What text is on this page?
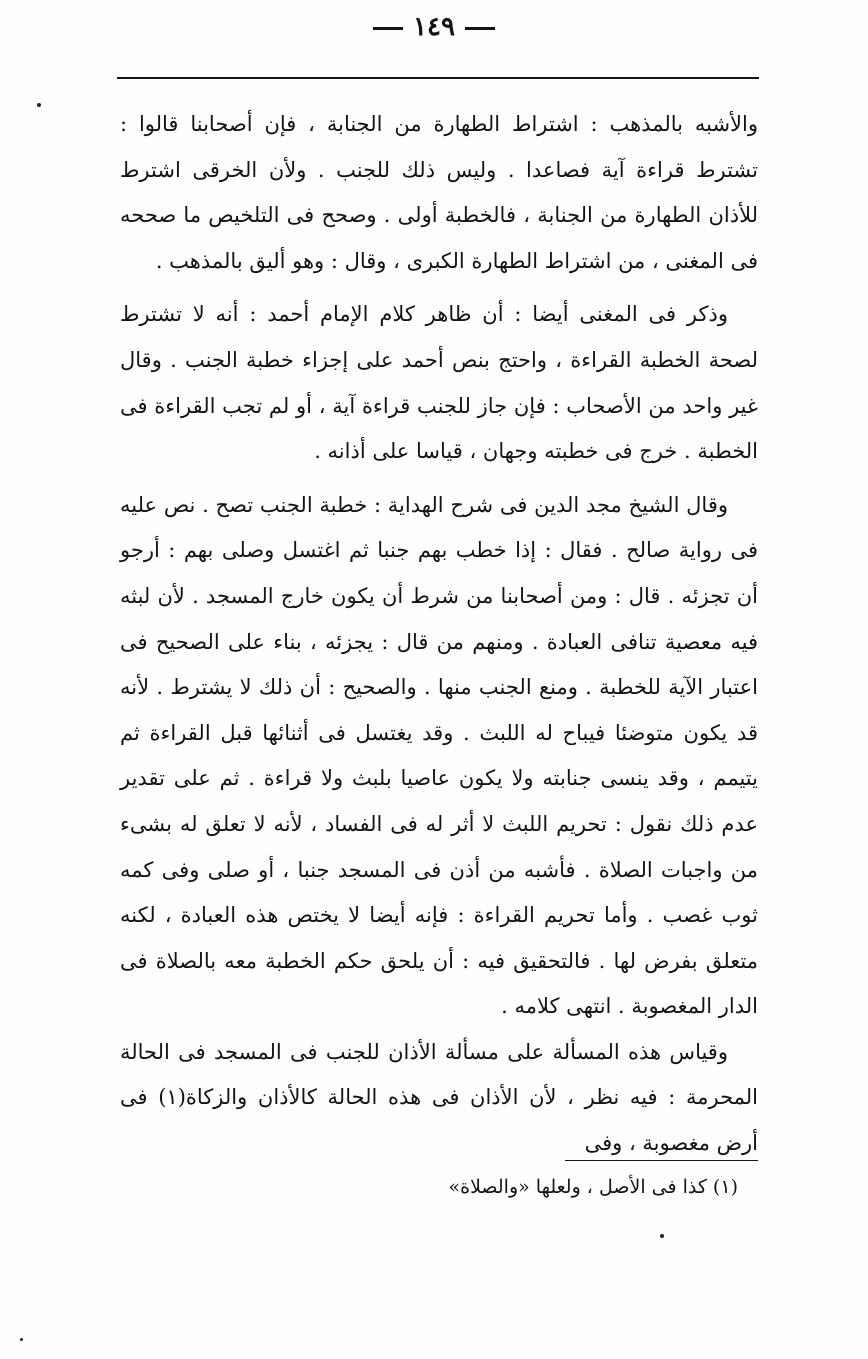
١٤٩

والأشبه بالمذهب : اشتراط الطهارة من الجنابة ، فإن أصحابنا قالوا : تشترط قراءة آية فصاعدا . وليس ذلك للجنب . ولأن الخرقى اشترط للأذان الطهارة من الجنابة ، فالخطبة أولى . وصحح فى التلخيص ما صححه فى المغنى ، من اشتراط الطهارة الكبرى ، وقال : وهو أليق بالمذهب .

وذكر فى المغنى أيضا : أن ظاهر كلام الإمام أحمد : أنه لا تشترط لصحة الخطبة القراءة ، واحتج بنص أحمد على إجزاء خطبة الجنب . وقال غير واحد من الأصحاب : فإن جاز للجنب قراءة آية ، أو لم تجب القراءة فى الخطبة . خرج فى خطبته وجهان ، قياسا على أذانه .

وقال الشيخ مجد الدين فى شرح الهداية : خطبة الجنب تصح . نص عليه فى رواية صالح . فقال : إذا خطب بهم جنبا ثم اغتسل وصلى بهم : أرجو أن تجزئه . قال : ومن أصحابنا من شرط أن يكون خارج المسجد . لأن لبثه فيه معصية تنافى العبادة . ومنهم من قال : يجزئه ، بناء على الصحيح فى اعتبار الآية للخطبة . ومنع الجنب منها . والصحيح : أن ذلك لا يشترط . لأنه قد يكون متوضئا فيباح له اللبث . وقد يغتسل فى أثنائها قبل القراءة ثم يتيمم ، وقد ينسى جنابته ولا يكون عاصيا بلبث ولا قراءة . ثم على تقدير عدم ذلك نقول : تحريم اللبث لا أثر له فى الفساد ، لأنه لا تعلق له بشىء من واجبات الصلاة . فأشبه من أذن فى المسجد جنبا ، أو صلى وفى كمه ثوب غصب . وأما تحريم القراءة : فإنه أيضا لا يختص هذه العبادة ، لكنه متعلق بفرض لها . فالتحقيق فيه : أن يلحق حكم الخطبة معه بالصلاة فى الدار المغصوبة . انتهى كلامه .

وقياس هذه المسألة على مسألة الأذان للجنب فى المسجد فى الحالة المحرمة : فيه نظر ، لأن الأذان فى هذه الحالة كالأذان والزكاة(١) فى أرض مغصوبة ، وفى

(١) كذا فى الأصل ، ولعلها «والصلاة»
